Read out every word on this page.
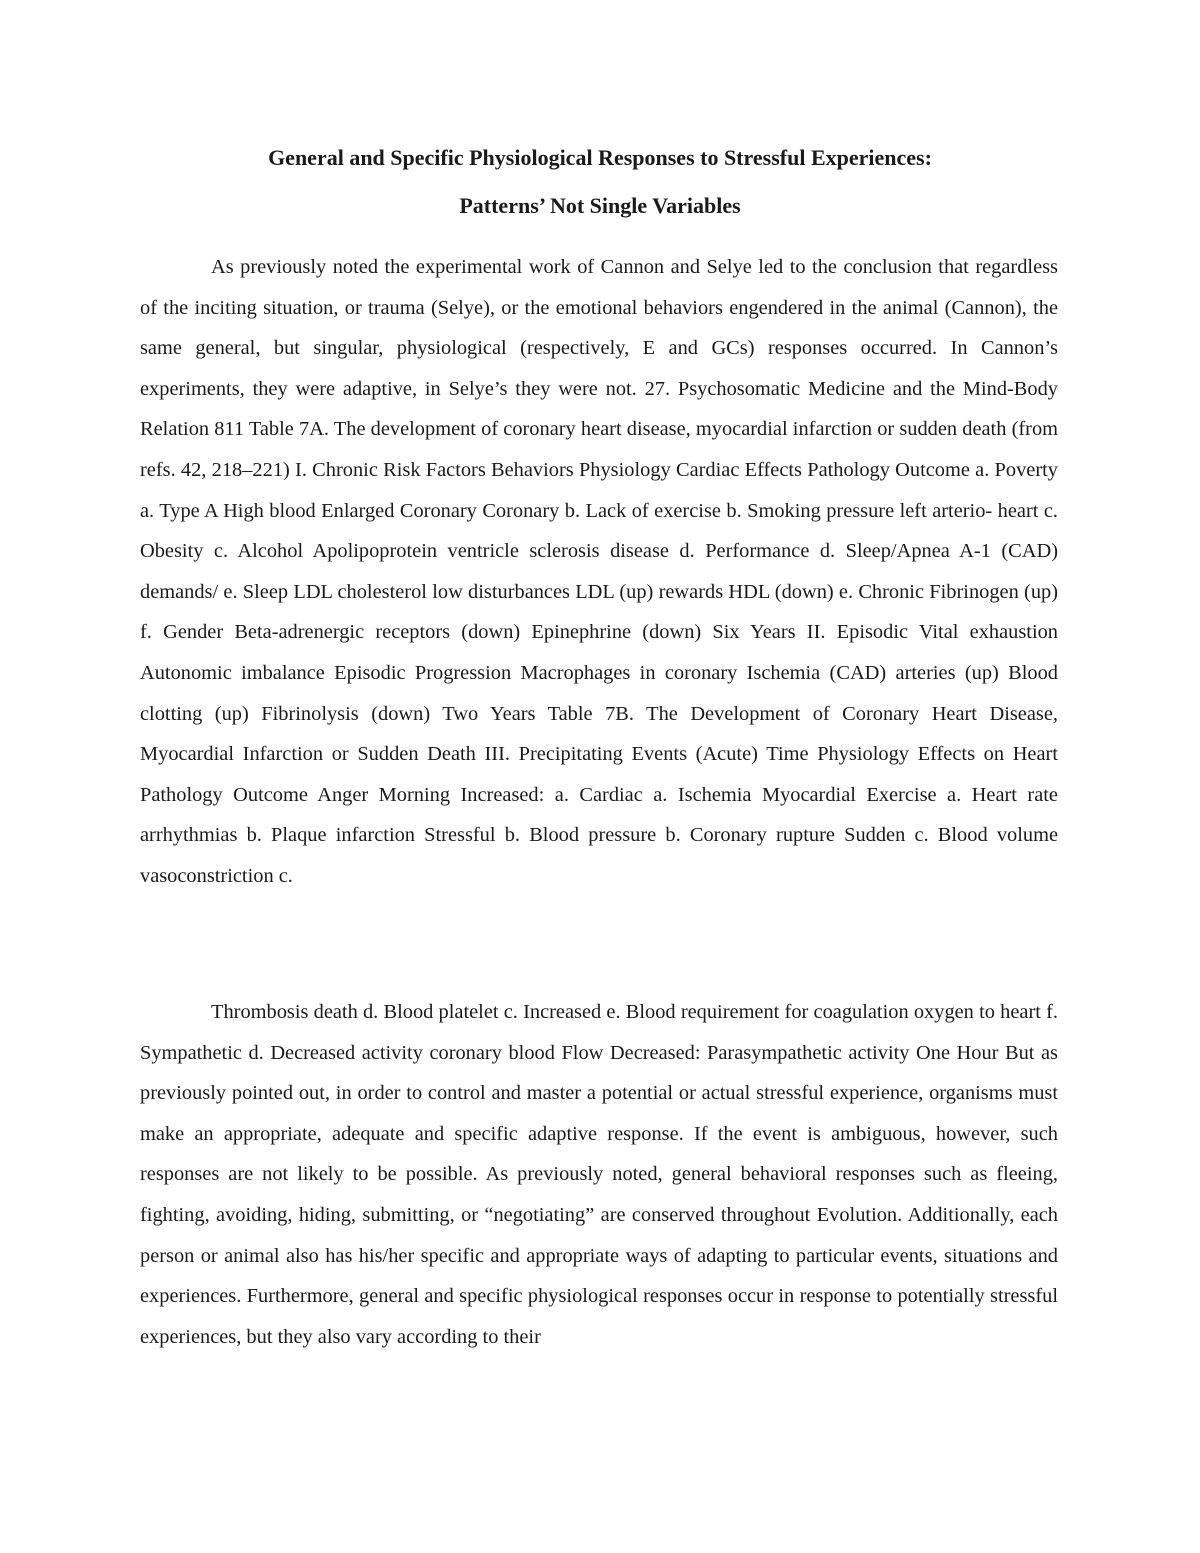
General and Specific Physiological Responses to Stressful Experiences:
Patterns’ Not Single Variables

As previously noted the experimental work of Cannon and Selye led to the conclusion that regardless of the inciting situation, or trauma (Selye), or the emotional behaviors engendered in the animal (Cannon), the same general, but singular, physiological (respectively, E and GCs) responses occurred. In Cannon’s experiments, they were adaptive, in Selye’s they were not. 27. Psychosomatic Medicine and the Mind-Body Relation 811 Table 7A. The development of coronary heart disease, myocardial infarction or sudden death (from refs. 42, 218–221) I. Chronic Risk Factors Behaviors Physiology Cardiac Effects Pathology Outcome a. Poverty a. Type A High blood Enlarged Coronary Coronary b. Lack of exercise b. Smoking pressure left arterio- heart c. Obesity c. Alcohol Apolipoprotein ventricle sclerosis disease d. Performance d. Sleep/Apnea A-1 (CAD) demands/ e. Sleep LDL cholesterol low disturbances LDL (up) rewards HDL (down) e. Chronic Fibrinogen (up) f. Gender Beta-adrenergic receptors (down) Epinephrine (down) Six Years II. Episodic Vital exhaustion Autonomic imbalance Episodic Progression Macrophages in coronary Ischemia (CAD) arteries (up) Blood clotting (up) Fibrinolysis (down) Two Years Table 7B. The Development of Coronary Heart Disease, Myocardial Infarction or Sudden Death III. Precipitating Events (Acute) Time Physiology Effects on Heart Pathology Outcome Anger Morning Increased: a. Cardiac a. Ischemia Myocardial Exercise a. Heart rate arrhythmias b. Plaque infarction Stressful b. Blood pressure b. Coronary rupture Sudden c. Blood volume vasoconstriction c.

Thrombosis death d. Blood platelet c. Increased e. Blood requirement for coagulation oxygen to heart f. Sympathetic d. Decreased activity coronary blood Flow Decreased: Parasympathetic activity One Hour But as previously pointed out, in order to control and master a potential or actual stressful experience, organisms must make an appropriate, adequate and specific adaptive response. If the event is ambiguous, however, such responses are not likely to be possible. As previously noted, general behavioral responses such as fleeing, fighting, avoiding, hiding, submitting, or “negotiating” are conserved throughout Evolution. Additionally, each person or animal also has his/her specific and appropriate ways of adapting to particular events, situations and experiences. Furthermore, general and specific physiological responses occur in response to potentially stressful experiences, but they also vary according to their
